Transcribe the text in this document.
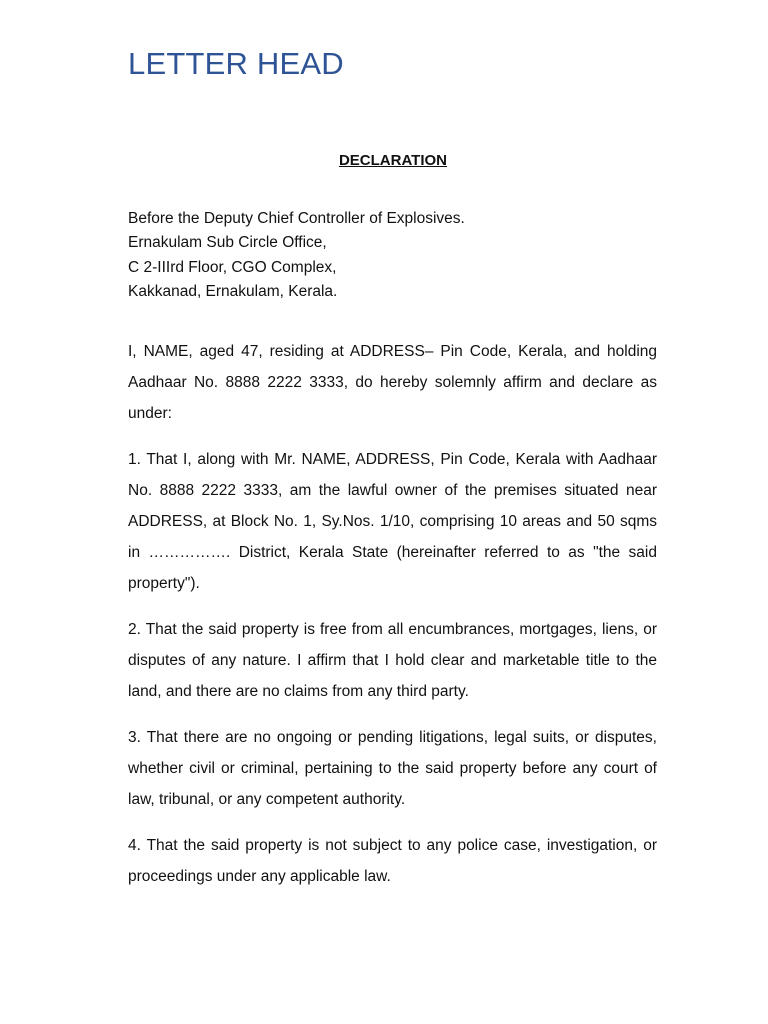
LETTER HEAD
DECLARATION
Before the Deputy Chief Controller of Explosives.
Ernakulam Sub Circle Office,
C 2-IIIrd Floor, CGO Complex,
Kakkanad, Ernakulam, Kerala.

I, NAME, aged 47, residing at ADDRESS– Pin Code, Kerala, and holding Aadhaar No. 8888 2222 3333, do hereby solemnly affirm and declare as under:

1. That I, along with Mr. NAME, ADDRESS, Pin Code, Kerala with Aadhaar No. 8888 2222 3333, am the lawful owner of the premises situated near ADDRESS, at Block No. 1, Sy.Nos. 1/10, comprising 10 areas and 50 sqms in ……………. District, Kerala State (hereinafter referred to as "the said property").

2. That the said property is free from all encumbrances, mortgages, liens, or disputes of any nature. I affirm that I hold clear and marketable title to the land, and there are no claims from any third party.

3. That there are no ongoing or pending litigations, legal suits, or disputes, whether civil or criminal, pertaining to the said property before any court of law, tribunal, or any competent authority.

4. That the said property is not subject to any police case, investigation, or proceedings under any applicable law.
